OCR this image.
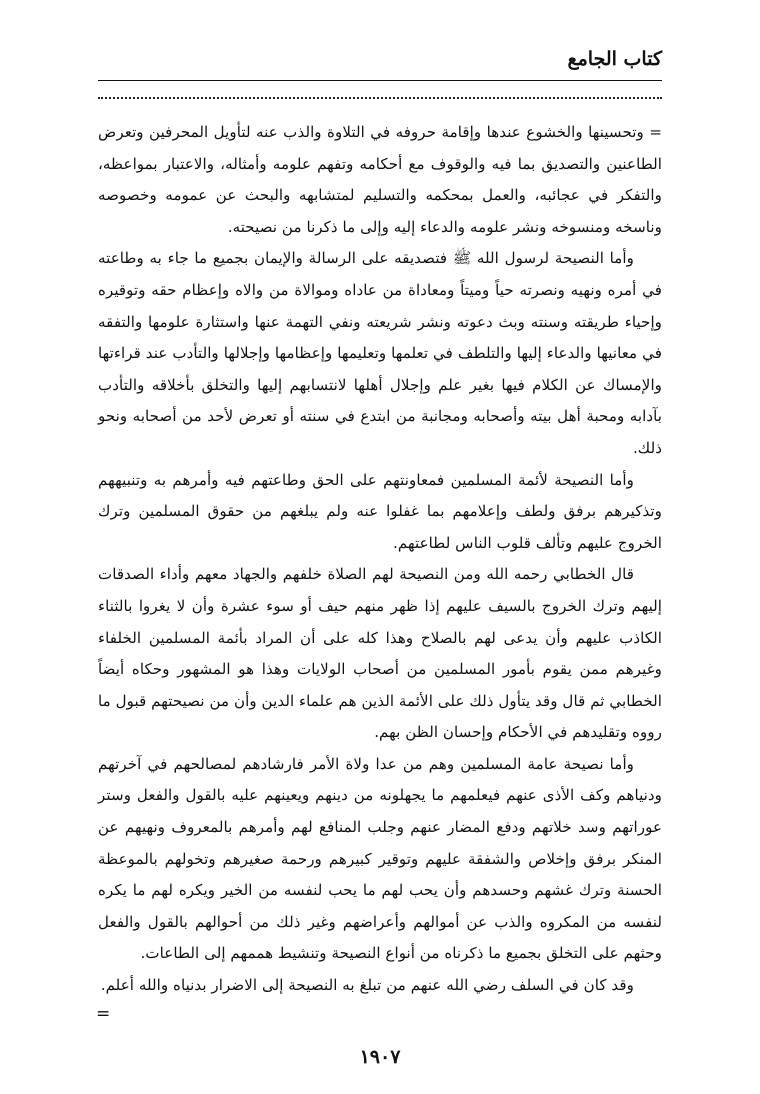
كتاب الجامع

= وتحسينها والخشوع عندها وإقامة حروفه في التلاوة والذب عنه لتأويل المحرفين وتعرض الطاعنين والتصديق بما فيه والوقوف مع أحكامه وتفهم علومه وأمثاله، والاعتبار بمواعظه، والتفكر في عجائبه، والعمل بمحكمه والتسليم لمتشابهه والبحث عن عمومه وخصوصه وناسخه ومنسوخه ونشر علومه والدعاء إليه وإلى ما ذكرنا من نصيحته.

وأما النصيحة لرسول الله ﷺ فتصديقه على الرسالة والإيمان بجميع ما جاء به وطاعته في أمره ونهيه ونصرته حياً وميتاً ومعاداة من عاداه وموالاة من والاه وإعظام حقه وتوقيره وإحياء طريقته وسنته وبث دعوته ونشر شريعته ونفي التهمة عنها واستثارة علومها والتفقه في معانيها والدعاء إليها والتلطف في تعلمها وتعليمها وإعظامها وإجلالها والتأدب عند قراءتها والإمساك عن الكلام فيها بغير علم وإجلال أهلها لانتسابهم إليها والتخلق بأخلاقه والتأدب بآدابه ومحبة أهل بيته وأصحابه ومجانبة من ابتدع في سنته أو تعرض لأحد من أصحابه ونحو ذلك.

وأما النصيحة لأئمة المسلمين فمعاونتهم على الحق وطاعتهم فيه وأمرهم به وتنبيههم وتذكيرهم برفق ولطف وإعلامهم بما غفلوا عنه ولم يبلغهم من حقوق المسلمين وترك الخروج عليهم وتألف قلوب الناس لطاعتهم.

قال الخطابي رحمه الله ومن النصيحة لهم الصلاة خلفهم والجهاد معهم وأداء الصدقات إليهم وترك الخروج بالسيف عليهم إذا ظهر منهم حيف أو سوء عشرة وأن لا يغروا بالثناء الكاذب عليهم وأن يدعى لهم بالصلاح وهذا كله على أن المراد بأئمة المسلمين الخلفاء وغيرهم ممن يقوم بأمور المسلمين من أصحاب الولايات وهذا هو المشهور وحكاه أيضاً الخطابي ثم قال وقد يتأول ذلك على الأئمة الذين هم علماء الدين وأن من نصيحتهم قبول ما رووه وتقليدهم في الأحكام وإحسان الظن بهم.

وأما نصيحة عامة المسلمين وهم من عدا ولاة الأمر فارشادهم لمصالحهم في آخرتهم ودنياهم وكف الأذى عنهم فيعلمهم ما يجهلونه من دينهم ويعينهم عليه بالقول والفعل وستر عوراتهم وسد خلاتهم ودفع المضار عنهم وجلب المنافع لهم وأمرهم بالمعروف ونهيهم عن المنكر برفق وإخلاص والشفقة عليهم وتوقير كبيرهم ورحمة صغيرهم وتخولهم بالموعظة الحسنة وترك غشهم وحسدهم وأن يحب لهم ما يحب لنفسه من الخير ويكره لهم ما يكره لنفسه من المكروه والذب عن أموالهم وأعراضهم وغير ذلك من أحوالهم بالقول والفعل وحثهم على التخلق بجميع ما ذكرناه من أنواع النصيحة وتنشيط هممهم إلى الطاعات.

وقد كان في السلف رضي الله عنهم من تبلغ به النصيحة إلى الاضرار بدنياه والله أعلم.

=
١٩٠٧
